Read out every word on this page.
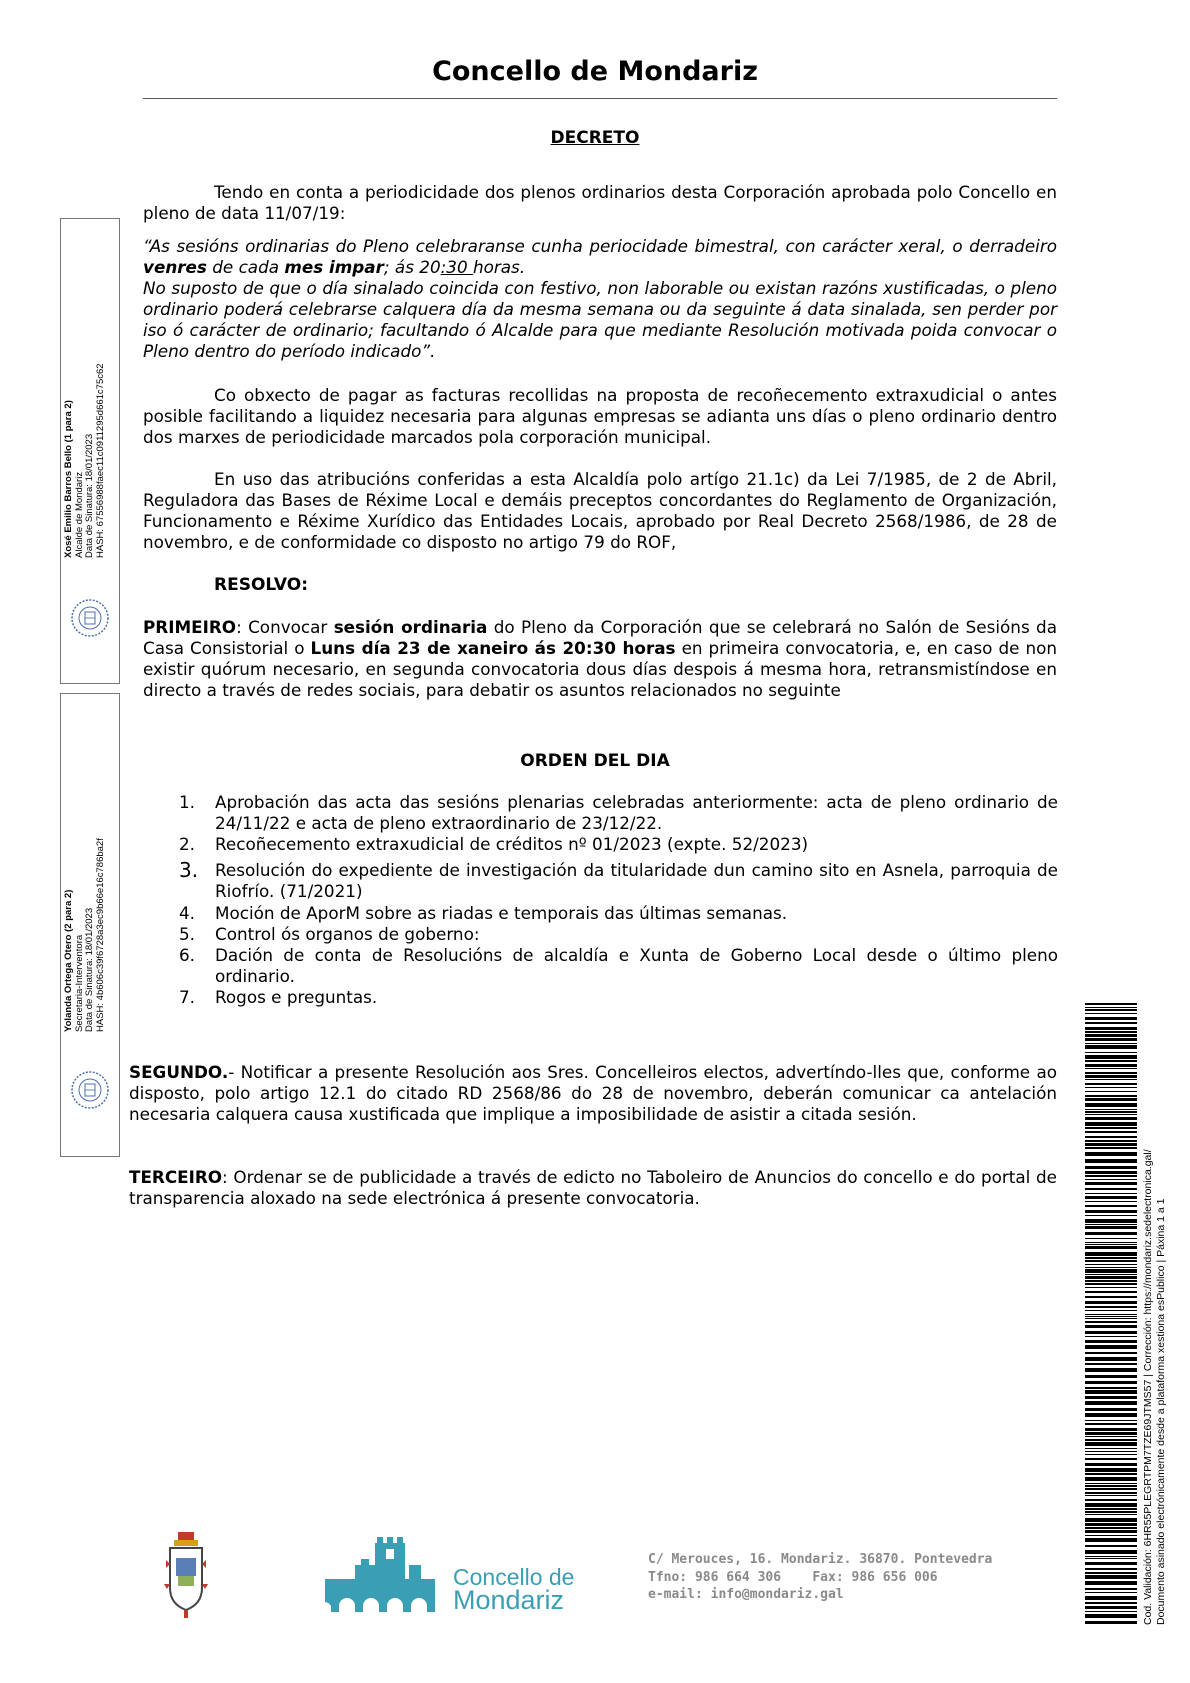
Concello de Mondariz
DECRETO
Tendo en conta a periodicidade dos plenos ordinarios desta Corporación aprobada polo Concello en pleno de data 11/07/19:
“As sesións ordinarias do Pleno celebraranse cunha periocidade bimestral, con carácter xeral, o derradeiro venres de cada mes impar; ás 20:30 horas.
No suposto de que o día sinalado coincida con festivo, non laborable ou existan razóns xustificadas, o pleno ordinario poderá celebrarse calquera día da mesma semana ou da seguinte á data sinalada, sen perder por iso ó carácter de ordinario; facultando ó Alcalde para que mediante Resolución motivada poida convocar o Pleno dentro do período indicado”.
Co obxecto de pagar as facturas recollidas na proposta de recoñecemento extraxudicial o antes posible facilitando a liquidez necesaria para algunas empresas se adianta uns días o pleno ordinario dentro dos marxes de periodicidade marcados pola corporación municipal.
En uso das atribucións conferidas a esta Alcaldía polo artígo 21.1c) da Lei 7/1985, de 2 de Abril, Reguladora das Bases de Réxime Local e demáis preceptos concordantes do Reglamento de Organización, Funcionamento e Réxime Xurídico das Entidades Locais, aprobado por Real Decreto 2568/1986, de 28 de novembro, e de conformidade co disposto no artigo 79 do ROF,
RESOLVO:
PRIMEIRO: Convocar sesión ordinaria do Pleno da Corporación que se celebrará no Salón de Sesións da Casa Consistorial o Luns día 23 de xaneiro ás 20:30 horas en primeira convocatoria, e, en caso de non existir quórum necesario, en segunda convocatoria dous días despois á mesma hora, retransmistíndose en directo a través de redes sociais, para debatir os asuntos relacionados no seguinte
ORDEN DEL DIA
1.	Aprobación das acta das sesións plenarias celebradas anteriormente: acta de pleno ordinario de 24/11/22 e acta de pleno extraordinario de 23/12/22.
2.	Recoñecemento extraxudicial de créditos nº 01/2023 (expte. 52/2023)
3.	Resolución do expediente de investigación da titularidade dun camino sito en Asnela, parroquia de Riofrío. (71/2021)
4.	Moción de AporM sobre as riadas e temporais das últimas semanas.
5.	Control ós organos de goberno:
6.	Dación de conta de Resolucións de alcaldía e Xunta de Goberno Local desde o último pleno ordinario.
7.	Rogos e preguntas.
SEGUNDO.- Notificar a presente Resolución aos Sres. Concelleiros electos, advertíndo-lles que, conforme ao disposto, polo artigo 12.1 do citado RD 2568/86 do 28 de novembro, deberán comunicar ca antelación necesaria calquera causa xustificada que implique a imposibilidade de asistir a citada sesión.
TERCEIRO: Ordenar se de publicidade a través de edicto no Taboleiro de Anuncios do concello e do portal de transparencia aloxado na sede electrónica á presente convocatoria.
Xosé Emilio Barros Bello (1 para 2) Alcalde de Mondariz Data de Sinatura: 18/01/2023 HASH: 67556988faec11c0911295d661c75c62
Yolanda Ortega Otero (2 para 2) Secretaria-Interventora Data de Sinatura: 18/01/2023 HASH: 4b606c39f6728a3ec9b66e16c786ba2f
Cod. Validación: 6HR55PLEGRTPM7TZE69JTMS57 | Corrección: https://mondariz.sedelectronica.gal/ Documento asinado electrónicamente desde a plataforma xestiona esPublico | Páxina 1 a 1
Concello de
Mondariz
C/ Merouces, 16. Mondariz. 36870. Pontevedra
Tfno: 986 664 306    Fax: 986 656 006
e-mail: info@mondariz.gal
